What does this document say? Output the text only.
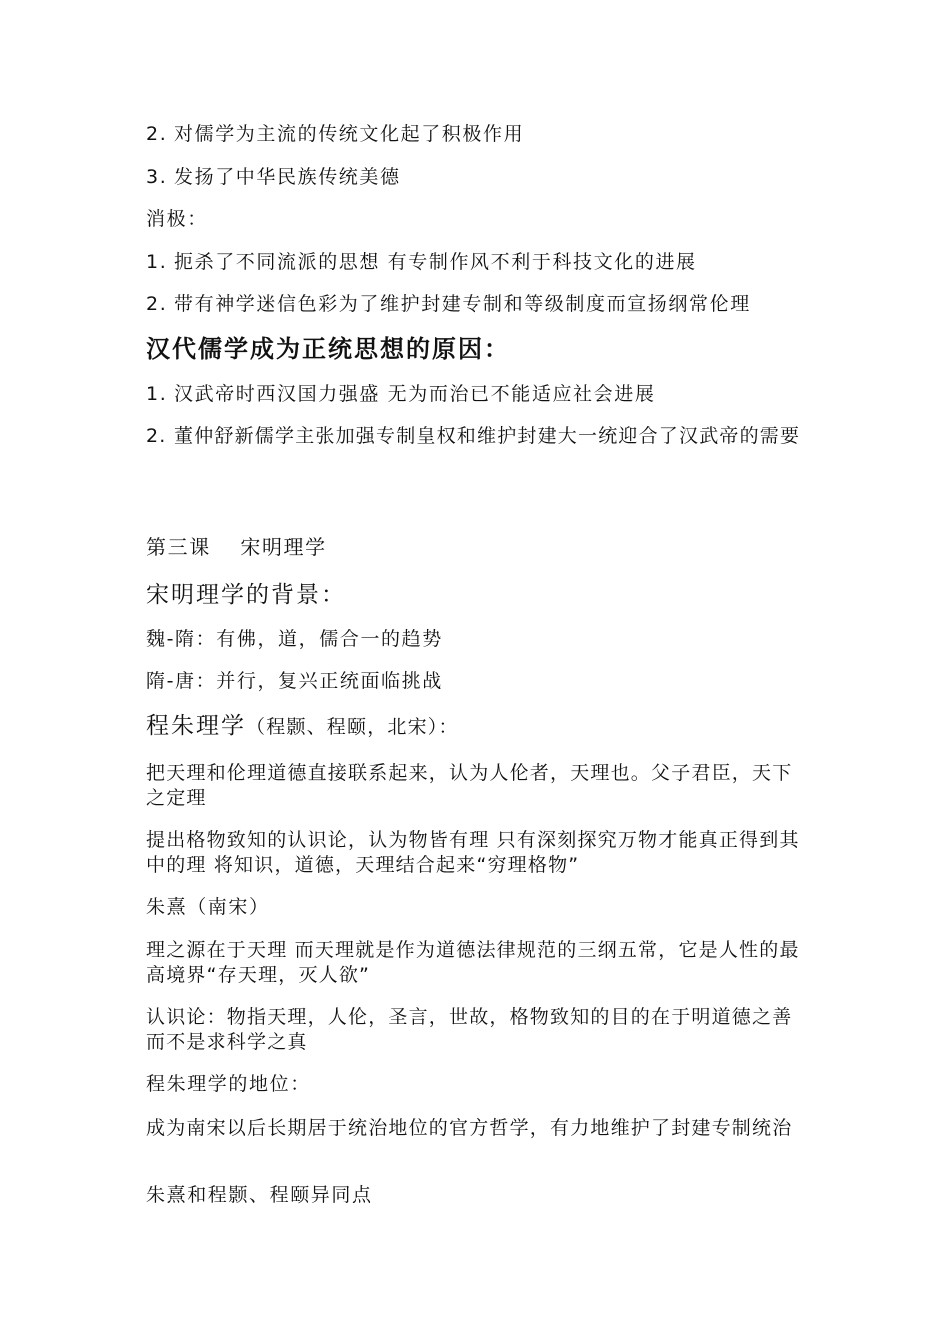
2. 对儒学为主流的传统文化起了积极作用
3. 发扬了中华民族传统美德
消极：
1. 扼杀了不同流派的思想 有专制作风不利于科技文化的进展
2. 带有神学迷信色彩为了维护封建专制和等级制度而宣扬纲常伦理
汉代儒学成为正统思想的原因：
1. 汉武帝时西汉国力强盛 无为而治已不能适应社会进展
2. 董仲舒新儒学主张加强专制皇权和维护封建大一统迎合了汉武帝的需要
第三课　 宋明理学
宋明理学的背景：
魏-隋：有佛，道，儒合一的趋势
隋-唐：并行，复兴正统面临挑战
程朱理学（程颢、程颐，北宋）：
把天理和伦理道德直接联系起来，认为人伦者，天理也。父子君臣，天下之定理
提出格物致知的认识论，认为物皆有理 只有深刻探究万物才能真正得到其中的理 将知识，道德，天理结合起来“穷理格物”
朱熹（南宋）
理之源在于天理 而天理就是作为道德法律规范的三纲五常，它是人性的最高境界“存天理，灭人欲”
认识论：物指天理，人伦，圣言，世故，格物致知的目的在于明道德之善而不是求科学之真
程朱理学的地位：
成为南宋以后长期居于统治地位的官方哲学，有力地维护了封建专制统治
朱熹和程颢、程颐异同点
